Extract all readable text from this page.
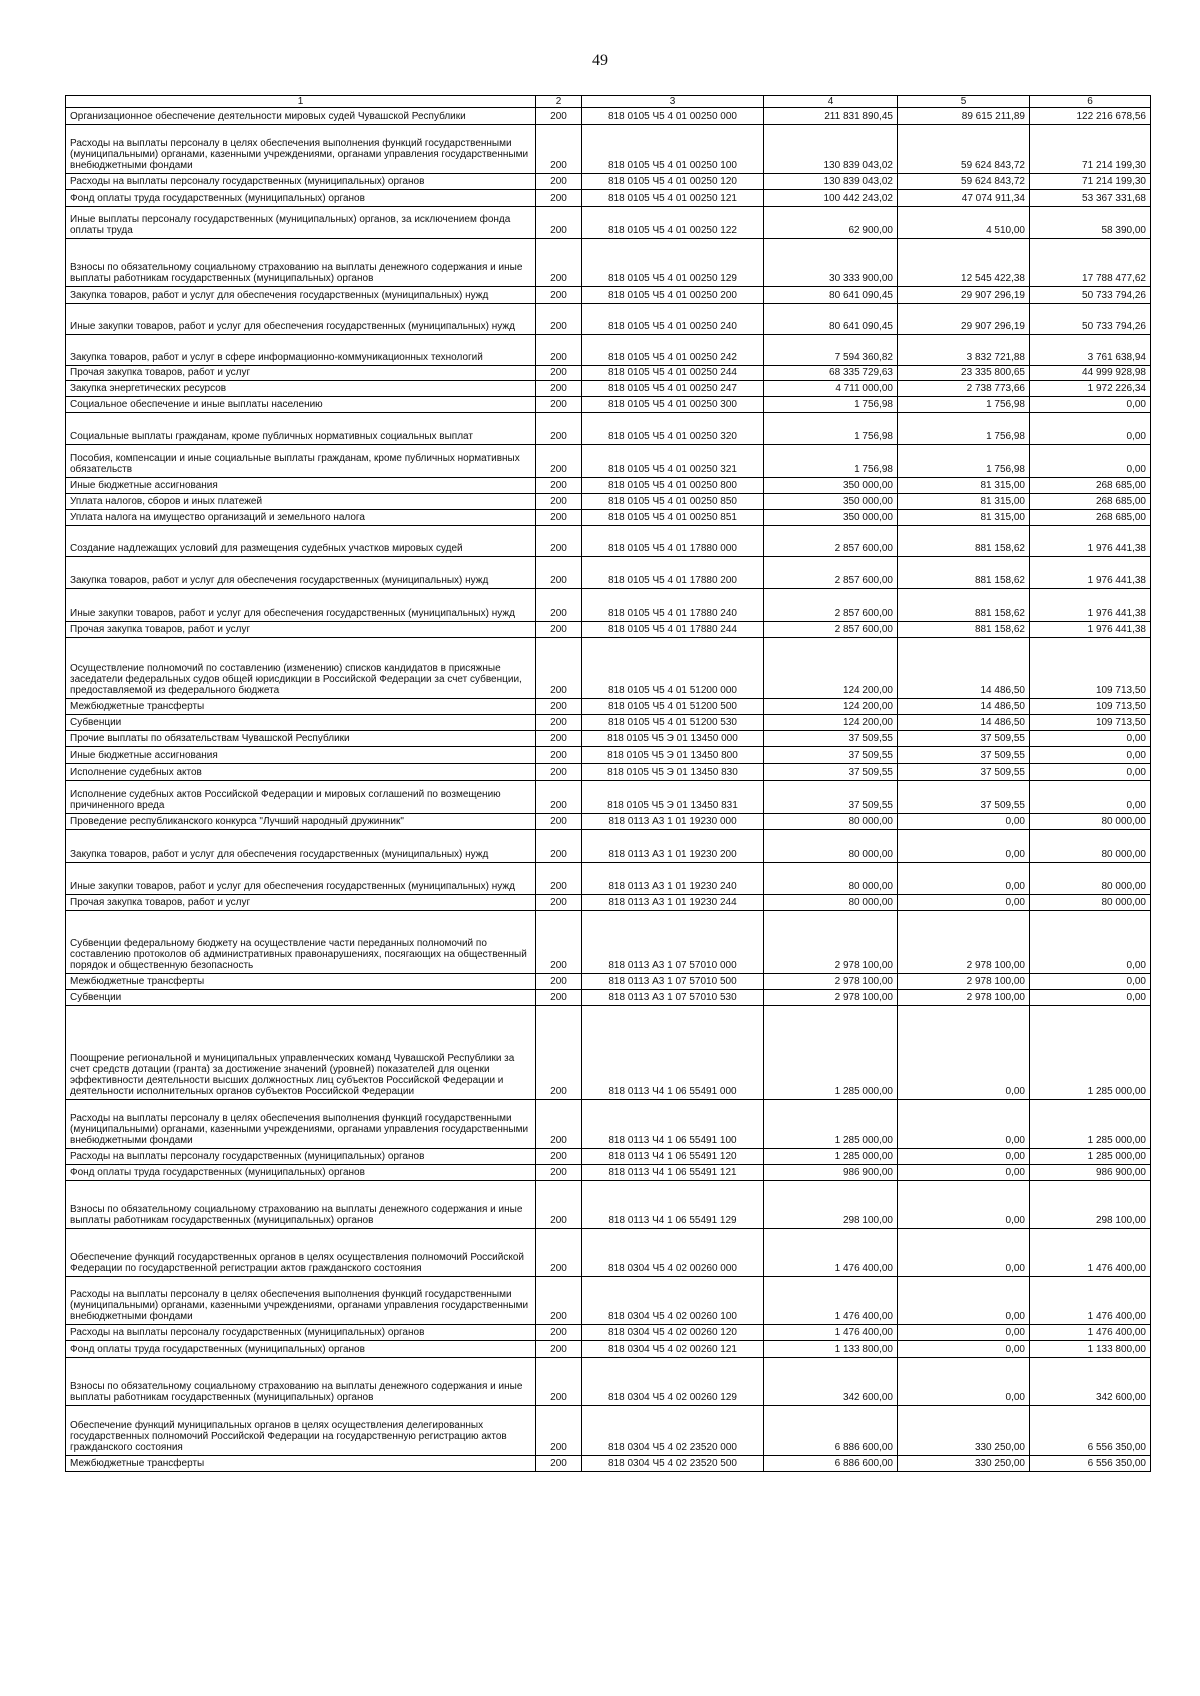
49
1	2	3	4	5	6
Организационное обеспечение деятельности мировых судей Чувашской Республики	200	818 0105 Ч5 4 01 00250 000	211 831 890,45	89 615 211,89	122 216 678,56
Расходы на выплаты персоналу в целях обеспечения выполнения функций государственными (муниципальными) органами, казенными учреждениями, органами управления государственными внебюджетными фондами	200	818 0105 Ч5 4 01 00250 100	130 839 043,02	59 624 843,72	71 214 199,30
Расходы на выплаты персоналу государственных (муниципальных) органов	200	818 0105 Ч5 4 01 00250 120	130 839 043,02	59 624 843,72	71 214 199,30
Фонд оплаты труда государственных (муниципальных) органов	200	818 0105 Ч5 4 01 00250 121	100 442 243,02	47 074 911,34	53 367 331,68
Иные выплаты персоналу государственных (муниципальных) органов, за исключением фонда оплаты труда	200	818 0105 Ч5 4 01 00250 122	62 900,00	4 510,00	58 390,00
Взносы по обязательному социальному страхованию на выплаты денежного содержания и иные выплаты работникам государственных (муниципальных) органов	200	818 0105 Ч5 4 01 00250 129	30 333 900,00	12 545 422,38	17 788 477,62
Закупка товаров, работ и услуг для обеспечения государственных (муниципальных) нужд	200	818 0105 Ч5 4 01 00250 200	80 641 090,45	29 907 296,19	50 733 794,26
Иные закупки товаров, работ и услуг для обеспечения государственных (муниципальных) нужд	200	818 0105 Ч5 4 01 00250 240	80 641 090,45	29 907 296,19	50 733 794,26
Закупка товаров, работ и услуг в сфере информационно-коммуникационных технологий	200	818 0105 Ч5 4 01 00250 242	7 594 360,82	3 832 721,88	3 761 638,94
Прочая закупка товаров, работ и услуг	200	818 0105 Ч5 4 01 00250 244	68 335 729,63	23 335 800,65	44 999 928,98
Закупка энергетических ресурсов	200	818 0105 Ч5 4 01 00250 247	4 711 000,00	2 738 773,66	1 972 226,34
Социальное обеспечение и иные выплаты населению	200	818 0105 Ч5 4 01 00250 300	1 756,98	1 756,98	0,00
Социальные выплаты гражданам, кроме публичных нормативных социальных выплат	200	818 0105 Ч5 4 01 00250 320	1 756,98	1 756,98	0,00
Пособия, компенсации и иные социальные выплаты гражданам, кроме публичных нормативных обязательств	200	818 0105 Ч5 4 01 00250 321	1 756,98	1 756,98	0,00
Иные бюджетные ассигнования	200	818 0105 Ч5 4 01 00250 800	350 000,00	81 315,00	268 685,00
Уплата налогов, сборов и иных платежей	200	818 0105 Ч5 4 01 00250 850	350 000,00	81 315,00	268 685,00
Уплата налога на имущество организаций и земельного налога	200	818 0105 Ч5 4 01 00250 851	350 000,00	81 315,00	268 685,00
Создание надлежащих условий для размещения судебных участков мировых судей	200	818 0105 Ч5 4 01 17880 000	2 857 600,00	881 158,62	1 976 441,38
Закупка товаров, работ и услуг для обеспечения государственных (муниципальных) нужд	200	818 0105 Ч5 4 01 17880 200	2 857 600,00	881 158,62	1 976 441,38
Иные закупки товаров, работ и услуг для обеспечения государственных (муниципальных) нужд	200	818 0105 Ч5 4 01 17880 240	2 857 600,00	881 158,62	1 976 441,38
Прочая закупка товаров, работ и услуг	200	818 0105 Ч5 4 01 17880 244	2 857 600,00	881 158,62	1 976 441,38
Осуществление полномочий по составлению (изменению) списков кандидатов в присяжные заседатели федеральных судов общей юрисдикции в Российской Федерации за счет субвенции, предоставляемой из федерального бюджета	200	818 0105 Ч5 4 01 51200 000	124 200,00	14 486,50	109 713,50
Межбюджетные трансферты	200	818 0105 Ч5 4 01 51200 500	124 200,00	14 486,50	109 713,50
Субвенции	200	818 0105 Ч5 4 01 51200 530	124 200,00	14 486,50	109 713,50
Прочие выплаты по обязательствам Чувашской Республики	200	818 0105 Ч5 Э 01 13450 000	37 509,55	37 509,55	0,00
Иные бюджетные ассигнования	200	818 0105 Ч5 Э 01 13450 800	37 509,55	37 509,55	0,00
Исполнение судебных актов	200	818 0105 Ч5 Э 01 13450 830	37 509,55	37 509,55	0,00
Исполнение судебных актов Российской Федерации и мировых соглашений по возмещению причиненного вреда	200	818 0105 Ч5 Э 01 13450 831	37 509,55	37 509,55	0,00
Проведение республиканского конкурса "Лучший народный дружинник"	200	818 0113 А3 1 01 19230 000	80 000,00	0,00	80 000,00
Закупка товаров, работ и услуг для обеспечения государственных (муниципальных) нужд	200	818 0113 А3 1 01 19230 200	80 000,00	0,00	80 000,00
Иные закупки товаров, работ и услуг для обеспечения государственных (муниципальных) нужд	200	818 0113 А3 1 01 19230 240	80 000,00	0,00	80 000,00
Прочая закупка товаров, работ и услуг	200	818 0113 А3 1 01 19230 244	80 000,00	0,00	80 000,00
Субвенции федеральному бюджету на осуществление части переданных полномочий по составлению протоколов об административных правонарушениях, посягающих на общественный порядок и общественную безопасность	200	818 0113 А3 1 07 57010 000	2 978 100,00	2 978 100,00	0,00
Межбюджетные трансферты	200	818 0113 А3 1 07 57010 500	2 978 100,00	2 978 100,00	0,00
Субвенции	200	818 0113 А3 1 07 57010 530	2 978 100,00	2 978 100,00	0,00
Поощрение региональной и муниципальных управленческих команд Чувашской Республики за счет средств дотации (гранта) за достижение значений (уровней) показателей для оценки эффективности деятельности высших должностных лиц субъектов Российской Федерации и деятельности исполнительных органов субъектов Российской Федерации	200	818 0113 Ч4 1 06 55491 000	1 285 000,00	0,00	1 285 000,00
Расходы на выплаты персоналу в целях обеспечения выполнения функций государственными (муниципальными) органами, казенными учреждениями, органами управления государственными внебюджетными фондами	200	818 0113 Ч4 1 06 55491 100	1 285 000,00	0,00	1 285 000,00
Расходы на выплаты персоналу государственных (муниципальных) органов	200	818 0113 Ч4 1 06 55491 120	1 285 000,00	0,00	1 285 000,00
Фонд оплаты труда государственных (муниципальных) органов	200	818 0113 Ч4 1 06 55491 121	986 900,00	0,00	986 900,00
Взносы по обязательному социальному страхованию на выплаты денежного содержания и иные выплаты работникам государственных (муниципальных) органов	200	818 0113 Ч4 1 06 55491 129	298 100,00	0,00	298 100,00
Обеспечение функций государственных органов в целях осуществления полномочий Российской Федерации по государственной регистрации актов гражданского состояния	200	818 0304 Ч5 4 02 00260 000	1 476 400,00	0,00	1 476 400,00
Расходы на выплаты персоналу в целях обеспечения выполнения функций государственными (муниципальными) органами, казенными учреждениями, органами управления государственными внебюджетными фондами	200	818 0304 Ч5 4 02 00260 100	1 476 400,00	0,00	1 476 400,00
Расходы на выплаты персоналу государственных (муниципальных) органов	200	818 0304 Ч5 4 02 00260 120	1 476 400,00	0,00	1 476 400,00
Фонд оплаты труда государственных (муниципальных) органов	200	818 0304 Ч5 4 02 00260 121	1 133 800,00	0,00	1 133 800,00
Взносы по обязательному социальному страхованию на выплаты денежного содержания и иные выплаты работникам государственных (муниципальных) органов	200	818 0304 Ч5 4 02 00260 129	342 600,00	0,00	342 600,00
Обеспечение функций муниципальных органов в целях осуществления делегированных государственных полномочий Российской Федерации на государственную регистрацию актов гражданского состояния	200	818 0304 Ч5 4 02 23520 000	6 886 600,00	330 250,00	6 556 350,00
Межбюджетные трансферты	200	818 0304 Ч5 4 02 23520 500	6 886 600,00	330 250,00	6 556 350,00
